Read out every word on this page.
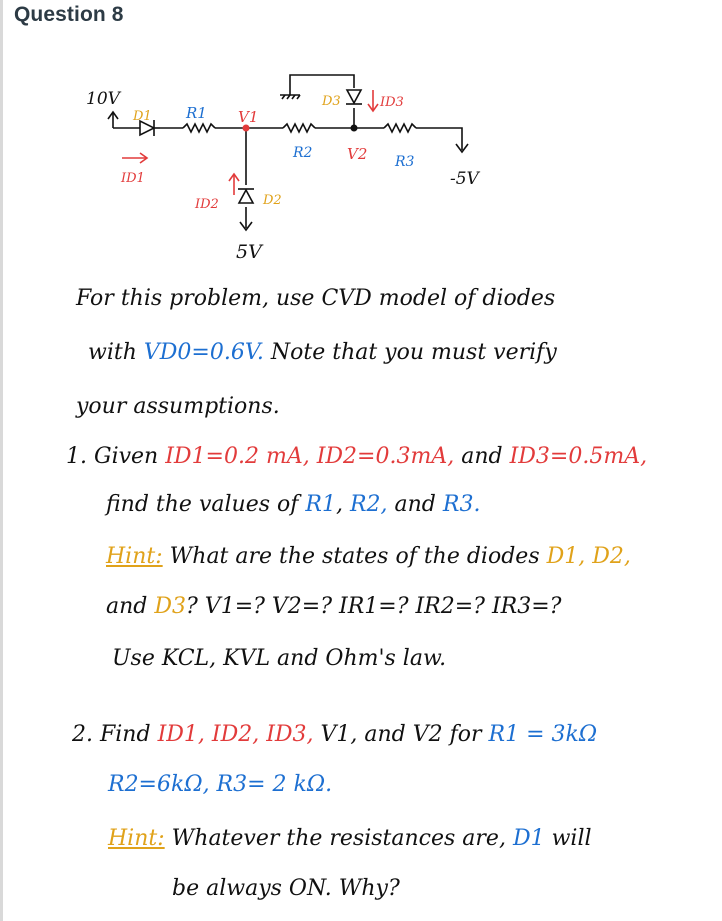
Question 8
10V
D1 R1 V1
R2
D3	ID3
V2 R3
-5V
ID1
ID2	D2
5V
For this problem, use CVD model of diodes
with VD0=0.6V. Note that you must verify
your assumptions.
1. Given ID1=0.2 mA, ID2=0.3mA, and ID3=0.5mA,
find the values of R1, R2, and R3.
Hint: What are the states of the diodes D1, D2,
and D3? V1=? V2=? IR1=? IR2=? IR3=?
Use KCL, KVL and Ohm's law.
2. Find ID1, ID2, ID3, V1, and V2 for R1 = 3kΩ
R2=6kΩ, R3= 2 kΩ.
Hint: Whatever the resistances are, D1 will
be always ON. Why?
